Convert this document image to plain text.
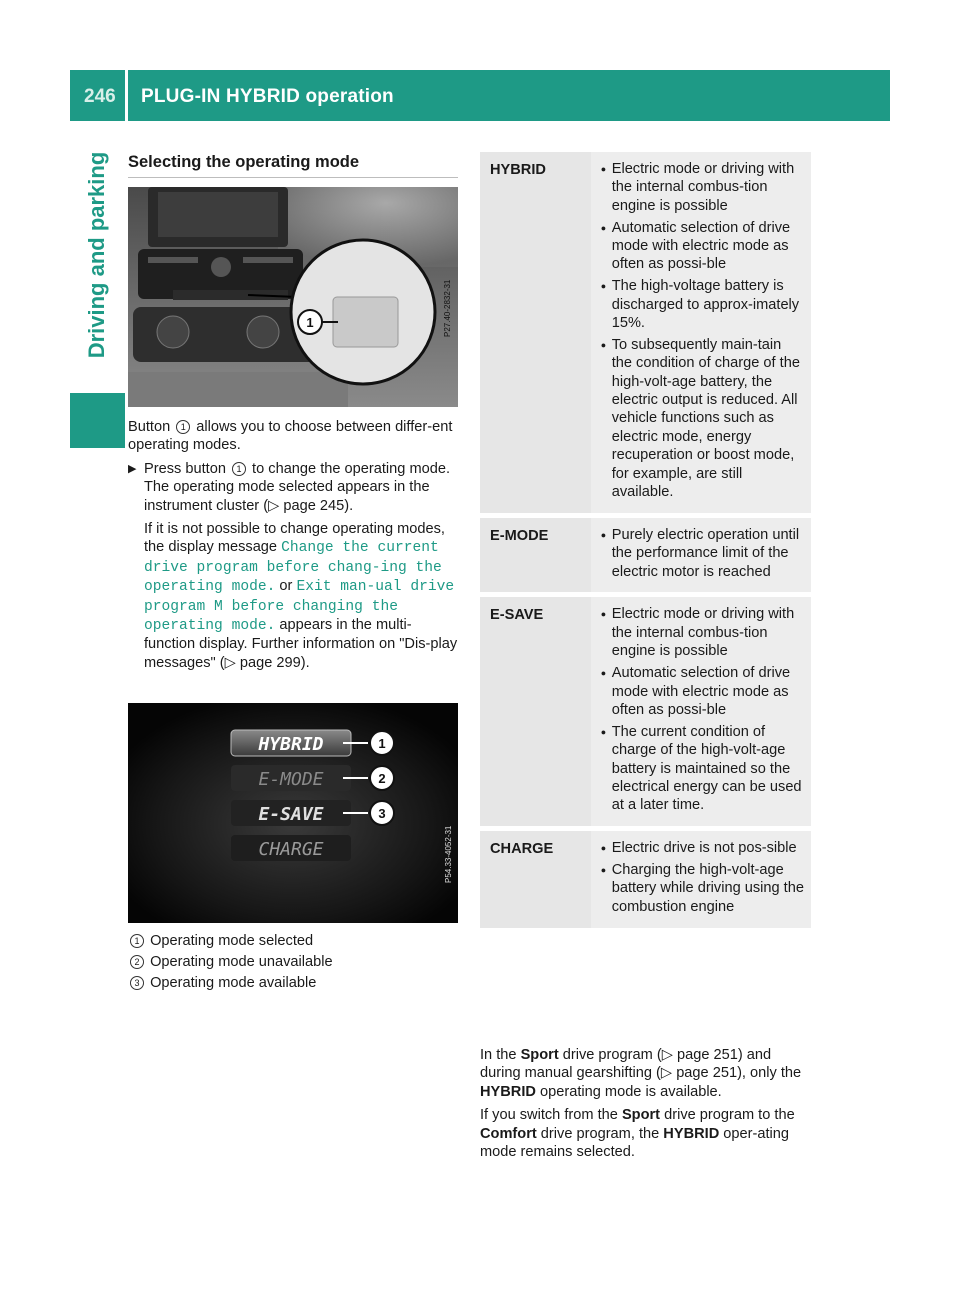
246 PLUG-IN HYBRID operation
Driving and parking Selecting the operating mode
1	P27.40-2832-31
Button 1 allows you to choose between differ-ent operating modes.
▶ Press button 1 to change the operating mode.
The operating mode selected appears in the instrument cluster (▷ page 245).
If it is not possible to change operating modes, the display message Change the current drive program before chang‐ing the operating mode. or Exit man‐ual drive program M before changing the operating mode. appears in the multi-function display. Further information on "Dis-play messages" (▷ page 299).
HYBRID
E-MODE
E-SAVE
CHARGE
1
2
3
P54.33-4052-31
1 Operating mode selected
2 Operating mode unavailable
3 Operating mode available
HYBRID	● Electric mode or driving with the internal combus-tion engine is possible
● Automatic selection of drive mode with electric mode as often as possi-ble
● The high-voltage battery is discharged to approx-imately 15%.
● To subsequently main-tain the condition of charge of the high-volt-age battery, the electric output is reduced. All vehicle functions such as electric mode, energy recuperation or boost mode, for example, are still available.
E-MODE	● Purely electric operation until the performance limit of the electric motor is reached
E-SAVE	● Electric mode or driving with the internal combus-tion engine is possible
● Automatic selection of drive mode with electric mode as often as possi-ble
● The current condition of charge of the high-volt-age battery is maintained so the electrical energy can be used at a later time.
CHARGE	● Electric drive is not pos-sible
● Charging the high-volt-age battery while driving using the combustion engine
In the Sport drive program (▷ page 251) and during manual gearshifting (▷ page 251), only the HYBRID operating mode is available.
If you switch from the Sport drive program to the Comfort drive program, the HYBRID oper-ating mode remains selected.
